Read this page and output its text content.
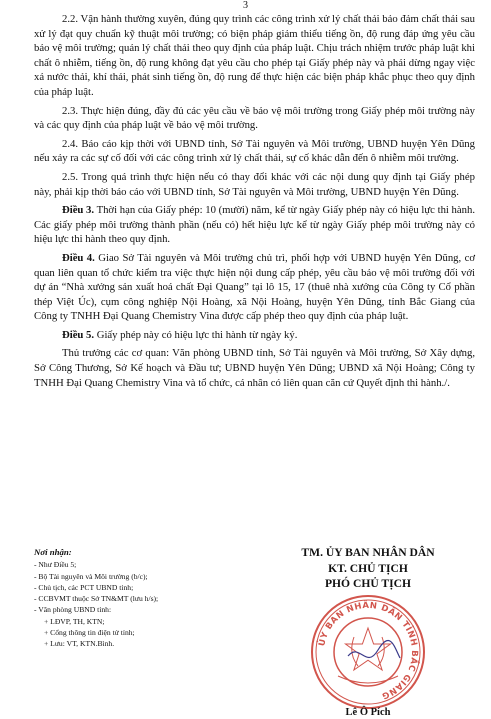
3

2.2. Vận hành thường xuyên, đúng quy trình các công trình xử lý chất thải bảo đảm chất thải sau xử lý đạt quy chuẩn kỹ thuật môi trường; có biện pháp giảm thiểu tiếng ồn, độ rung đáp ứng yêu cầu bảo vệ môi trường; quản lý chất thải theo quy định của pháp luật. Chịu trách nhiệm trước pháp luật khi chất ô nhiễm, tiếng ồn, độ rung không đạt yêu cầu cho phép tại Giấy phép này và phải dừng ngay việc xả nước thải, khí thải, phát sinh tiếng ồn, độ rung để thực hiện các biện pháp khắc phục theo quy định của pháp luật.

2.3. Thực hiện đúng, đầy đủ các yêu cầu về bảo vệ môi trường trong Giấy phép môi trường này và các quy định của pháp luật về bảo vệ môi trường.

2.4. Báo cáo kịp thời với UBND tỉnh, Sở Tài nguyên và Môi trường, UBND huyện Yên Dũng nếu xảy ra các sự cố đối với các công trình xử lý chất thải, sự cố khác dẫn đến ô nhiễm môi trường.

2.5. Trong quá trình thực hiện nếu có thay đổi khác với các nội dung quy định tại Giấy phép này, phải kịp thời báo cáo với UBND tỉnh, Sở Tài nguyên và Môi trường, UBND huyện Yên Dũng.

Điều 3. Thời hạn của Giấy phép: 10 (mười) năm, kể từ ngày Giấy phép này có hiệu lực thi hành. Các giấy phép môi trường thành phần (nếu có) hết hiệu lực kể từ ngày Giấy phép môi trường này có hiệu lực thi hành theo quy định.

Điều 4. Giao Sở Tài nguyên và Môi trường chủ trì, phối hợp với UBND huyện Yên Dũng, cơ quan liên quan tổ chức kiểm tra việc thực hiện nội dung cấp phép, yêu cầu bảo vệ môi trường đối với dự án “Nhà xưởng sản xuất hoá chất Đại Quang” tại lô 15, 17 (thuê nhà xưởng của Công ty Cổ phần thép Việt Úc), cụm công nghiệp Nội Hoàng, xã Nội Hoàng, huyện Yên Dũng, tỉnh Bắc Giang của Công ty TNHH Đại Quang Chemistry Vina được cấp phép theo quy định của pháp luật.

Điều 5. Giấy phép này có hiệu lực thi hành từ ngày ký.

Thủ trưởng các cơ quan: Văn phòng UBND tỉnh, Sở Tài nguyên và Môi trường, Sở Xây dựng, Sở Công Thương, Sở Kế hoạch và Đầu tư; UBND huyện Yên Dũng; UBND xã Nội Hoàng; Công ty TNHH Đại Quang Chemistry Vina và tổ chức, cá nhân có liên quan căn cứ Quyết định thi hành./.

Nơi nhận:
- Như Điều 5;
- Bộ Tài nguyên và Môi trường (b/c);
- Chủ tịch, các PCT UBND tỉnh;
- CCBVMT thuộc Sở TN&MT (lưu h/s);
- Văn phòng UBND tỉnh:
+ LĐVP, TH, KTN;
+ Cổng thông tin điện tử tỉnh;
+ Lưu: VT, KTN.Bình.
TM. ỦY BAN NHÂN DÂN
KT. CHỦ TỊCH
PHÓ CHỦ TỊCH
ỦY BAN NHÂN DÂN TỈNH BẮC GIANG
Lê Ô Pích
